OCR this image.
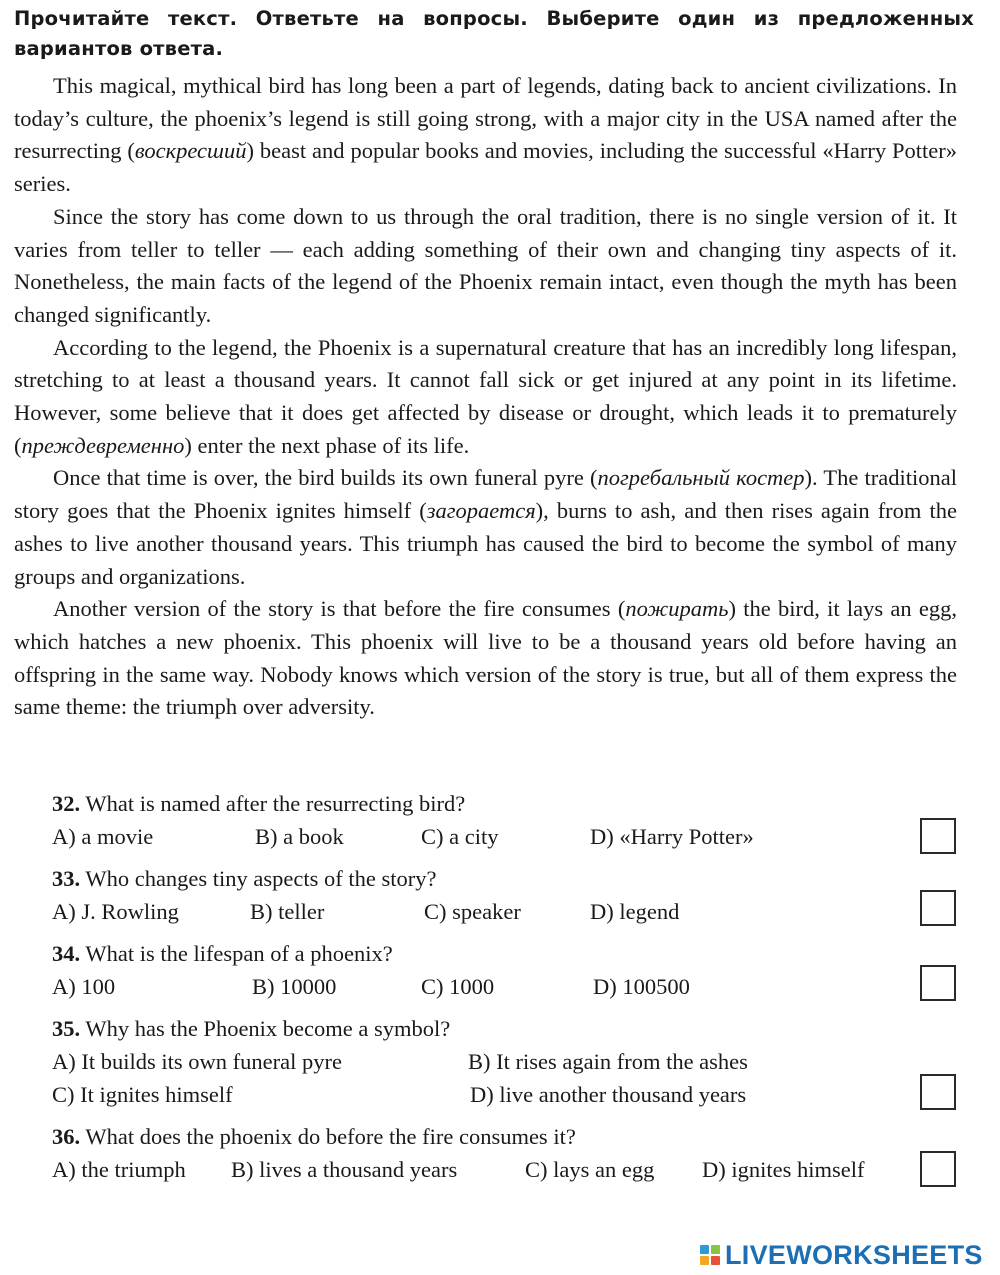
Прочитайте текст. Ответьте на вопросы. Выберите один из предложенных вариантов ответа.

This magical, mythical bird has long been a part of legends, dating back to ancient civilizations. In today’s culture, the phoenix’s legend is still going strong, with a major city in the USA named after the resurrecting (воскресший) beast and popular books and movies, including the successful «Harry Potter» series.

Since the story has come down to us through the oral tradition, there is no single version of it. It varies from teller to teller — each adding something of their own and changing tiny aspects of it. Nonetheless, the main facts of the legend of the Phoenix remain intact, even though the myth has been changed significantly.

According to the legend, the Phoenix is a supernatural creature that has an incredibly long lifespan, stretching to at least a thousand years. It cannot fall sick or get injured at any point in its lifetime. However, some believe that it does get affected by disease or drought, which leads it to prematurely (преждевременно) enter the next phase of its life.

Once that time is over, the bird builds its own funeral pyre (погребальный костер). The traditional story goes that the Phoenix ignites himself (загорается), burns to ash, and then rises again from the ashes to live another thousand years. This triumph has caused the bird to become the symbol of many groups and organizations.

Another version of the story is that before the fire consumes (пожирать) the bird, it lays an egg, which hatches a new phoenix. This phoenix will live to be a thousand years old before having an offspring in the same way. Nobody knows which version of the story is true, but all of them express the same theme: the triumph over adversity.

32. What is named after the resurrecting bird?
A) a movie	B) a book	C) a city	D) «Harry Potter»
33. Who changes tiny aspects of the story?
A) J. Rowling	B) teller	C) speaker	D) legend
34. What is the lifespan of a phoenix?
A) 100	B) 10000	C) 1000	D) 100500
35. Why has the Phoenix become a symbol?
A) It builds its own funeral pyre	B) It rises again from the ashes
C) It ignites himself	D) live another thousand years
36. What does the phoenix do before the fire consumes it?
A) the triumph B) lives a thousand years	C) lays an egg D) ignites himself
LIVEWORKSHEETS
